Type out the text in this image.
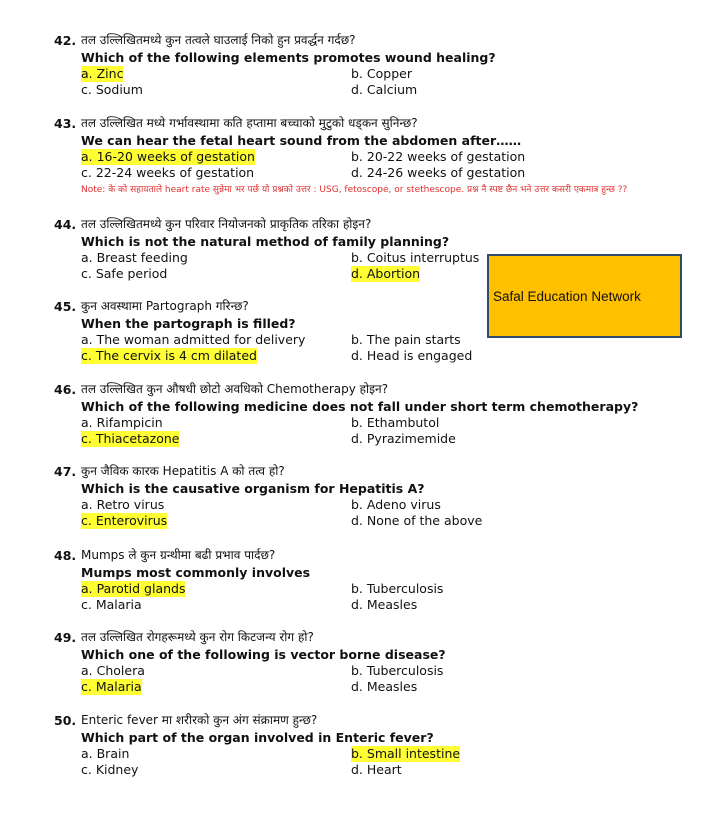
42. तल उल्लिखितमध्ये कुन तत्वले घाउलाई निको हुन प्रवर्द्धन गर्दछ?
Which of the following elements promotes wound healing?
a. Zinc	b. Copper
c. Sodium	d. Calcium
43. तल उल्लिखित मध्ये गर्भावस्थामा कति हप्तामा बच्चाको मुटुको धड्कन सुनिन्छ?
We can hear the fetal heart sound from the abdomen after……
a. 16-20 weeks of gestation	b. 20-22 weeks of gestation
c. 22-24 weeks of gestation	d. 24-26 weeks of gestation
Note: के को सहायताले heart rate सुन्नेमा भर पर्छ यो प्रश्नको उत्तर : USG, fetoscope, or stethescope. प्रश्न नै स्पष्ट छैन भने उत्तर कसरी एकमात्र हुन्छ ??
44. तल उल्लिखितमध्ये कुन परिवार नियोजनको प्राकृतिक तरिका होइन?
Which is not the natural method of family planning?
a. Breast feeding	b. Coitus interruptus
c. Safe period	d. Abortion
45. कुन अवस्थामा Partograph गरिन्छ?
When the partograph is filled?
a. The woman admitted for delivery	b. The pain starts
c. The cervix is 4 cm dilated	d. Head is engaged
46. तल उल्लिखित कुन औषधी छोटो अवधिको Chemotherapy होइन?
Which of the following medicine does not fall under short term chemotherapy?
a. Rifampicin	b. Ethambutol
c. Thiacetazone	d. Pyrazimemide
47. कुन जैविक कारक Hepatitis A को तत्व हो?
Which is the causative organism for Hepatitis A?
a. Retro virus	b. Adeno virus
c. Enterovirus	d. None of the above
48. Mumps ले कुन ग्रन्थीमा बढी प्रभाव पार्दछ?
Mumps most commonly involves
a. Parotid glands	b. Tuberculosis
c. Malaria	d. Measles
49. तल उल्लिखित रोगहरूमध्ये कुन रोग किटजन्य रोग हो?
Which one of the following is vector borne disease?
a. Cholera	b. Tuberculosis
c. Malaria	d. Measles
50. Enteric fever मा शरीरको कुन अंग संक्रामण हुन्छ?
Which part of the organ involved in Enteric fever?
a. Brain	b. Small intestine
c. Kidney	d. Heart
Safal Education Network
